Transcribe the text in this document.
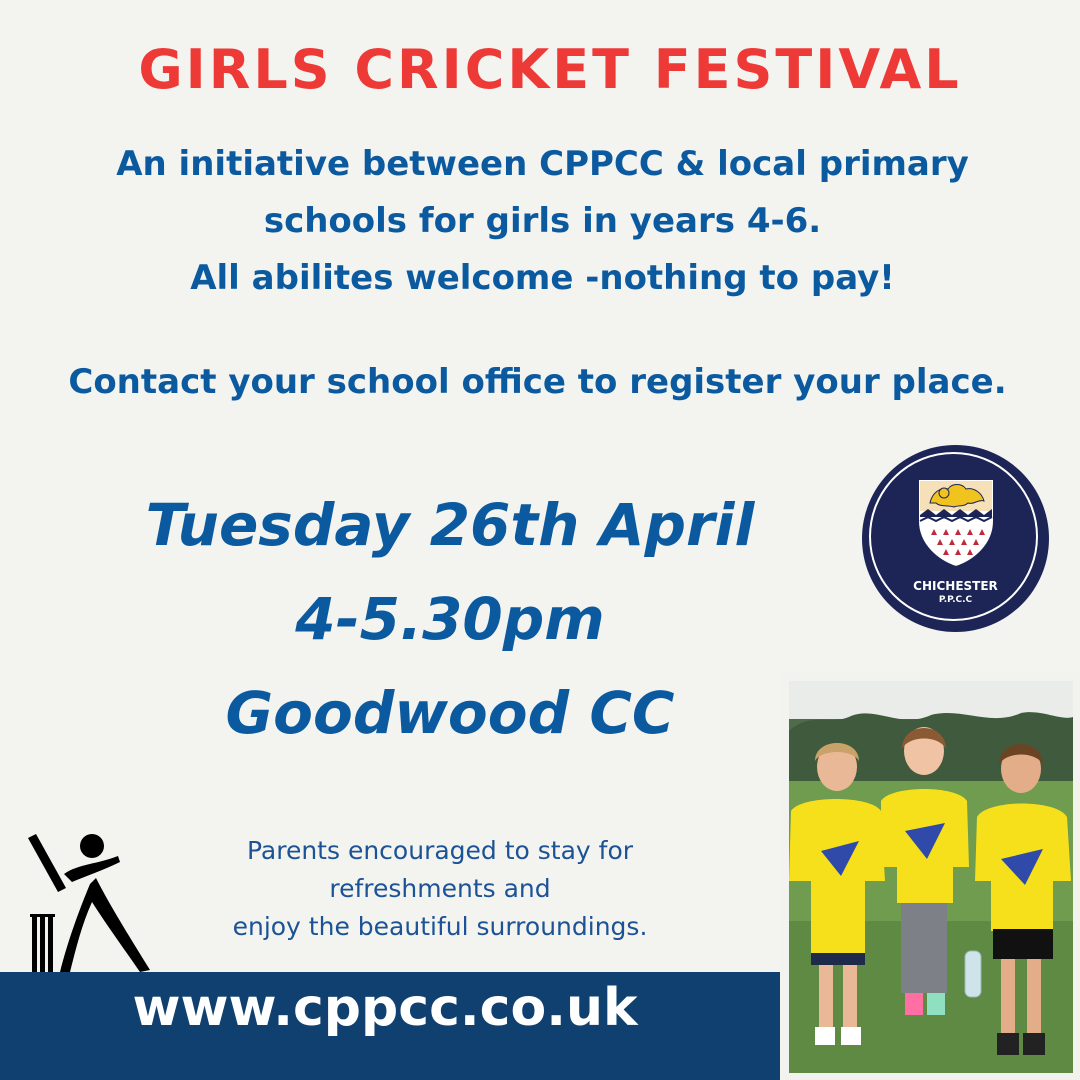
GIRLS CRICKET FESTIVAL
An initiative between CPPCC & local primary
schools for girls in years 4-6.
All abilites welcome -nothing to pay!
Contact your school office to register your place.
Tuesday 26th April
4-5.30pm
Goodwood CC
CHICHESTER
P.P.C.C
Parents encouraged to stay for
refreshments and
enjoy the beautiful surroundings.
www.cppcc.co.uk
